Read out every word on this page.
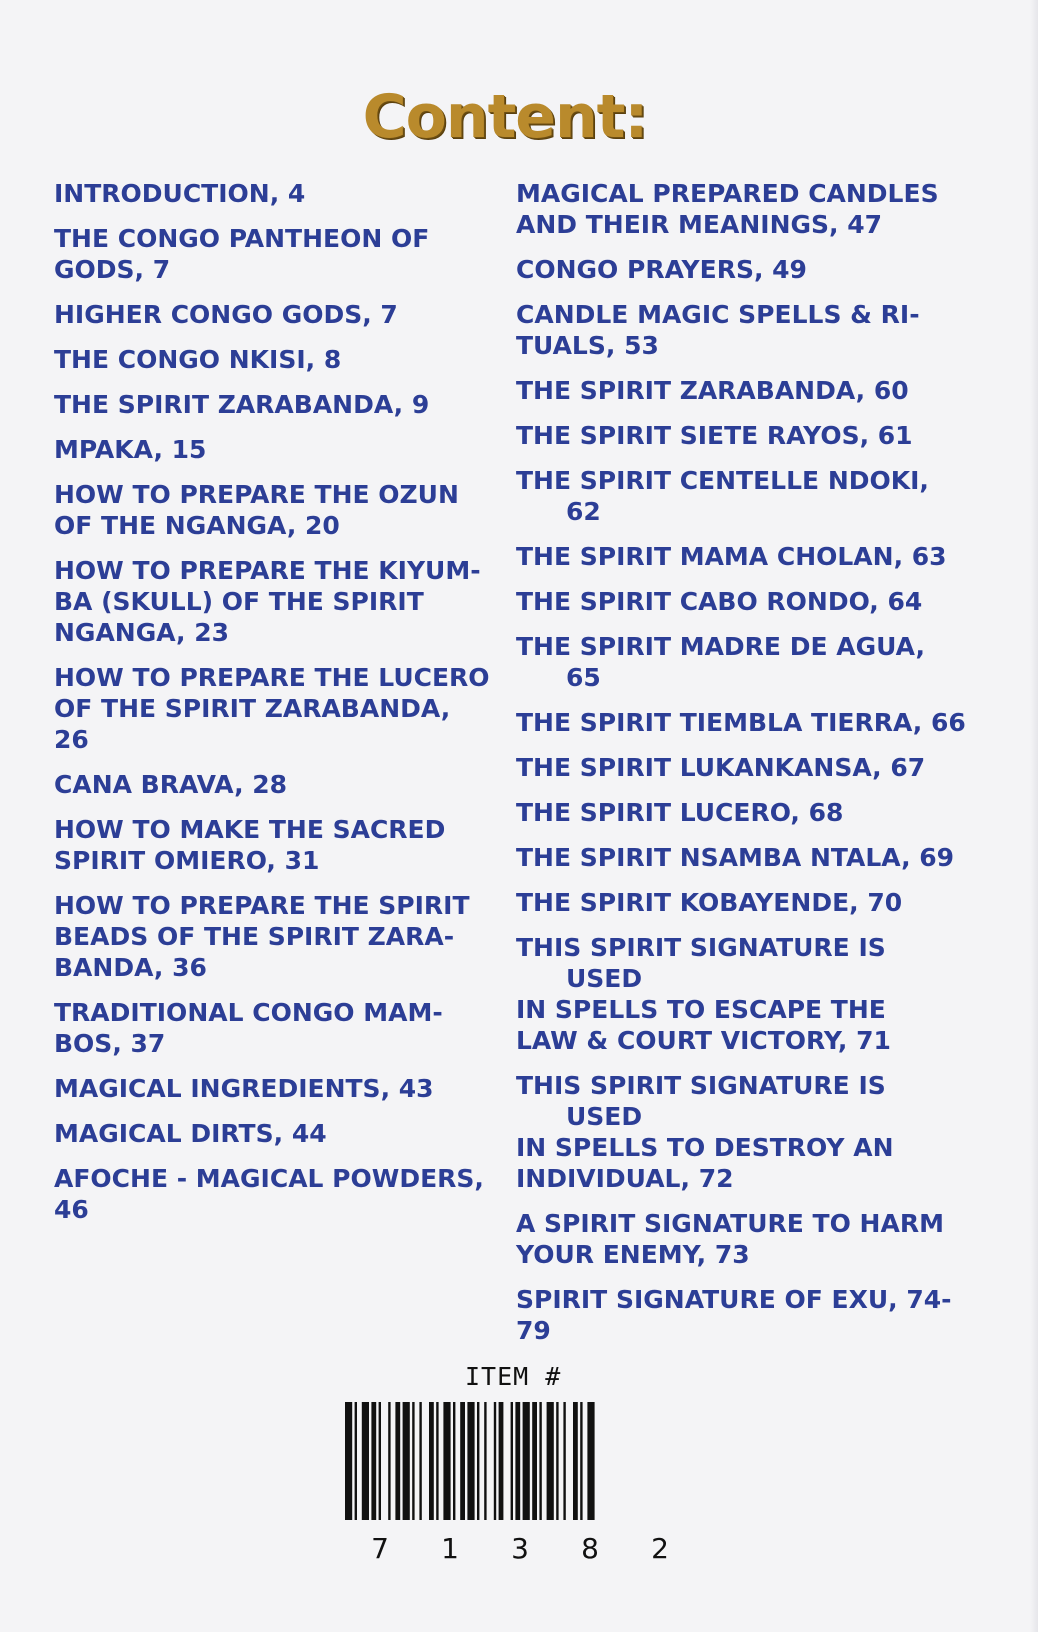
Content:
INTRODUCTION, 4
THE CONGO PANTHEON OF
GODS, 7
HIGHER CONGO GODS, 7
THE CONGO NKISI, 8
THE SPIRIT ZARABANDA, 9
MPAKA, 15
HOW TO PREPARE THE OZUN
OF THE NGANGA, 20
HOW TO PREPARE THE KIYUM-
BA (SKULL) OF THE SPIRIT
NGANGA, 23
HOW TO PREPARE THE LUCERO
OF THE SPIRIT ZARABANDA,
26
CANA BRAVA, 28
HOW TO MAKE THE SACRED
SPIRIT OMIERO, 31
HOW TO PREPARE THE SPIRIT
BEADS OF THE SPIRIT ZARA-
BANDA, 36
TRADITIONAL CONGO MAM-
BOS, 37
MAGICAL INGREDIENTS, 43
MAGICAL DIRTS, 44
AFOCHE - MAGICAL POWDERS,
46
MAGICAL PREPARED CANDLES
AND THEIR MEANINGS, 47
CONGO PRAYERS, 49
CANDLE MAGIC SPELLS & RI-
TUALS, 53
THE SPIRIT ZARABANDA, 60
THE SPIRIT SIETE RAYOS, 61
THE SPIRIT CENTELLE NDOKI, 62
THE SPIRIT MAMA CHOLAN, 63
THE SPIRIT CABO RONDO, 64
THE SPIRIT MADRE DE AGUA, 65
THE SPIRIT TIEMBLA TIERRA, 66
THE SPIRIT LUKANKANSA, 67
THE SPIRIT LUCERO, 68
THE SPIRIT NSAMBA NTALA, 69
THE SPIRIT KOBAYENDE, 70
THIS SPIRIT SIGNATURE IS USED
IN SPELLS TO ESCAPE THE
LAW & COURT VICTORY, 71
THIS SPIRIT SIGNATURE IS USED
IN SPELLS TO DESTROY AN
INDIVIDUAL, 72
A SPIRIT SIGNATURE TO HARM
YOUR ENEMY, 73
SPIRIT SIGNATURE OF EXU, 74-
79
ITEM #
7	1	3	8	2
